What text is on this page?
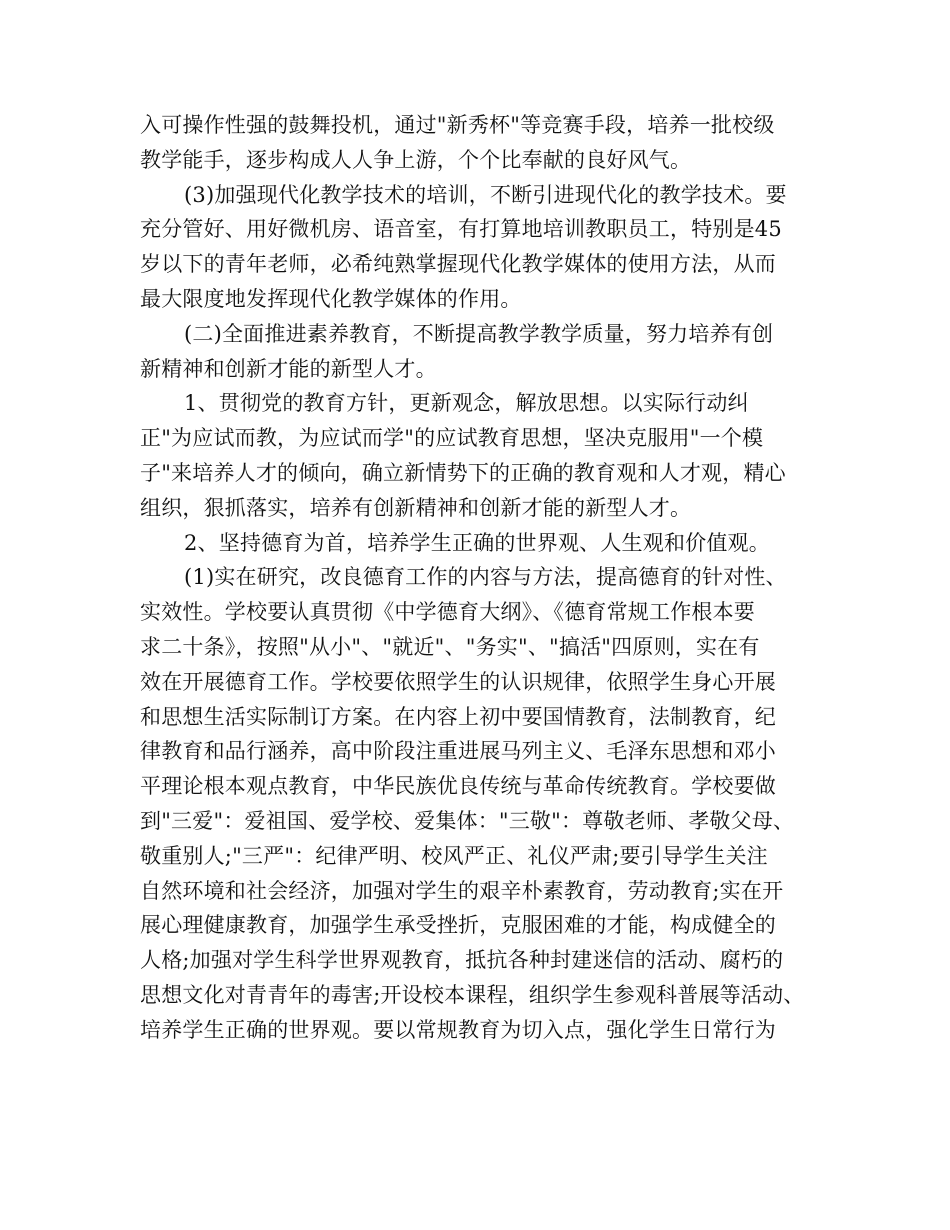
入可操作性强的鼓舞投机，通过"新秀杯"等竞赛手段，培养一批校级
教学能手，逐步构成人人争上游，个个比奉献的良好风气。
(3)加强现代化教学技术的培训，不断引进现代化的教学技术。要
充分管好、用好微机房、语音室，有打算地培训教职员工，特别是45
岁以下的青年老师，必希纯熟掌握现代化教学媒体的使用方法，从而
最大限度地发挥现代化教学媒体的作用。
(二)全面推进素养教育，不断提高教学教学质量，努力培养有创
新精神和创新才能的新型人才。
1、贯彻党的教育方针，更新观念，解放思想。以实际行动纠
正"为应试而教，为应试而学"的应试教育思想，坚决克服用"一个模
子"来培养人才的倾向，确立新情势下的正确的教育观和人才观，精心
组织，狠抓落实，培养有创新精神和创新才能的新型人才。
2、坚持德育为首，培养学生正确的世界观、人生观和价值观。
(1)实在研究，改良德育工作的内容与方法，提高德育的针对性、
实效性。学校要认真贯彻《中学德育大纲》、《德育常规工作根本要
求二十条》，按照"从小"、"就近"、"务实"、"搞活"四原则，实在有
效在开展德育工作。学校要依照学生的认识规律，依照学生身心开展
和思想生活实际制订方案。在内容上初中要国情教育，法制教育，纪
律教育和品行涵养，高中阶段注重进展马列主义、毛泽东思想和邓小
平理论根本观点教育，中华民族优良传统与革命传统教育。学校要做
到"三爱"：爱祖国、爱学校、爱集体："三敬"：尊敬老师、孝敬父母、
敬重别人;"三严"：纪律严明、校风严正、礼仪严肃;要引导学生关注
自然环境和社会经济，加强对学生的艰辛朴素教育，劳动教育;实在开
展心理健康教育，加强学生承受挫折，克服困难的才能，构成健全的
人格;加强对学生科学世界观教育，抵抗各种封建迷信的活动、腐朽的
思想文化对青青年的毒害;开设校本课程，组织学生参观科普展等活动、
培养学生正确的世界观。要以常规教育为切入点，强化学生日常行为
